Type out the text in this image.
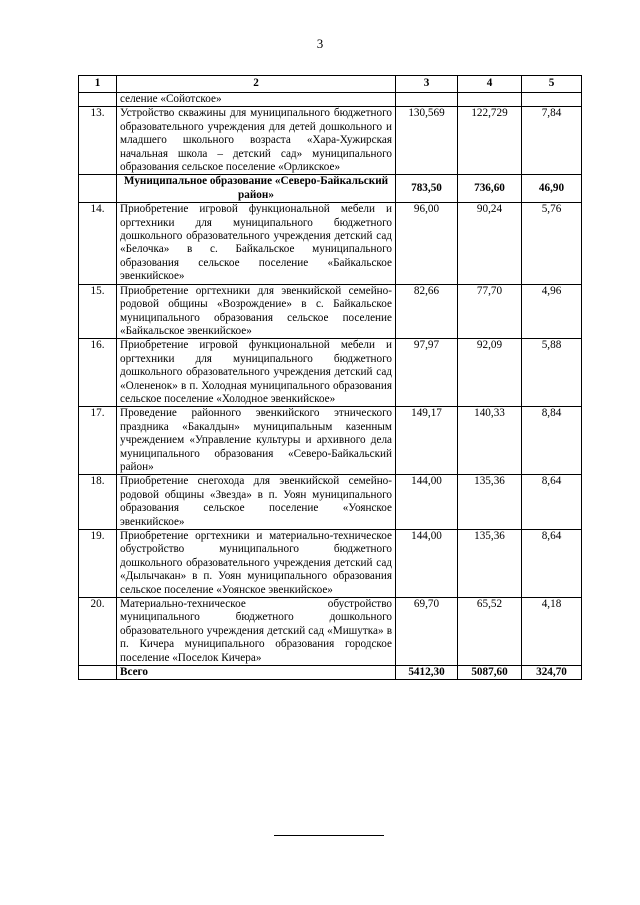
3
1	2	3	4	5
	селение «Сойотское»			
13.	Устройство скважины для муниципального бюджетного образовательного учреждения для детей дошкольного и младшего школьного возраста «Хара-Хужирская начальная школа – детский сад» муниципального образования сельское поселение «Орликское»	130,569	122,729	7,84
	Муниципальное образование «Северо-Байкальский район»	783,50	736,60	46,90
14.	Приобретение игровой функциональной мебели и оргтехники для муниципального бюджетного дошкольного образовательного учреждения детский сад «Белочка» в с. Байкальское муниципального образования сельское поселение «Байкальское эвенкийское»	96,00	90,24	5,76
15.	Приобретение оргтехники для эвенкийской семейно-родовой общины «Возрождение» в с. Байкальское муниципального образования сельское поселение «Байкальское эвенкийское»	82,66	77,70	4,96
16.	Приобретение игровой функциональной мебели и оргтехники для муниципального бюджетного дошкольного образовательного учреждения детский сад «Олененок» в п. Холодная муниципального образования сельское поселение «Холодное эвенкийское»	97,97	92,09	5,88
17.	Проведение районного эвенкийского этнического праздника «Бакалдын» муниципальным казенным учреждением «Управление культуры и архивного дела муниципального образования «Северо-Байкальский район»	149,17	140,33	8,84
18.	Приобретение снегохода для эвенкийской семейно-родовой общины «Звезда» в п. Уоян муниципального образования сельское поселение «Уоянское эвенкийское»	144,00	135,36	8,64
19.	Приобретение оргтехники и материально-техническое обустройство муниципального бюджетного дошкольного образовательного учреждения детский сад «Дылычакан» в п. Уоян муниципального образования сельское поселение «Уоянское эвенкийское»	144,00	135,36	8,64
20.	Материально-техническое обустройство муниципального бюджетного дошкольного образовательного учреждения детский сад «Мишутка» в п. Кичера муниципального образования городское поселение «Поселок Кичера»	69,70	65,52	4,18
	Всего	5412,30	5087,60	324,70
